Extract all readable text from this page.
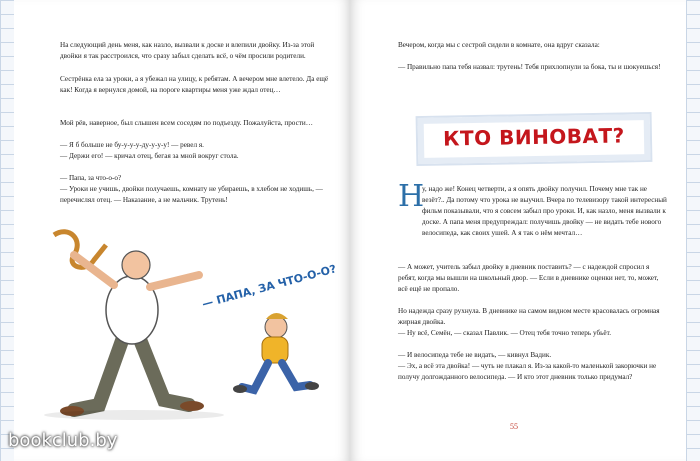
На следующий день меня, как назло, вызвали к доске и влепили двойку. Из-за этой двойки я так расстроился, что сразу забыл сделать всё, о чём просили родители.

Сестрёнка ела за уроки, а я убежал на улицу, к ребятам. А вечером мне влетело. Да ещё как! Когда я вернулся домой, на пороге квартиры меня уже ждал отец…

Мой рёв, наверное, был слышен всем соседям по подъезду. Пожалуйста, прости…

— Я б больше не бу-у-у-у-ду-у-у-у! — ревел я.

— Держи его! — кричал отец, бегая за мной вокруг стола.

— Папа, за что-о-о?

— Уроки не учишь, двойки получаешь, комнату не убираешь, в хлебом не ходишь, — перечислял отец. — Наказание, а не мальчик. Трутень!

— ПАПА, ЗА ЧТО-О-О?

Вечером, когда мы с сестрой сидели в комнате, она вдруг сказала:

— Правильно папа тебя назвал: трутень! Тебя прихлопнули за бока, ты и шокуешься!

КТО ВИНОВАТ?
Н

у, надо же! Конец четверти, а я опять двойку получил. Почему мне так не везёт?.. Да потому что урока не выучил. Вчера по телевизору такой интересный фильм показывали, что я совсем забыл про уроки. И, как назло, меня вызвали к доске. А папа меня предупреждал: получишь двойку — не видать тебе нового велосипеда, как своих ушей. А я так о нём мечтал…

— А может, учитель забыл двойку в дневник поставить? — с надеждой спросил я ребят, когда мы вышли на школьный двор. — Если в дневнике оценки нет, то, может, всё ещё не пропало.

Но надежда сразу рухнула. В дневнике на самом видном месте красовалась огромная жирная двойка.

— Ну всё, Семён, — сказал Павлик. — Отец тебя точно теперь убьёт.

— И велосипеда тебе не видать, — кивнул Вадик.

— Эх, а всё эта двойка! — чуть не плакал я. Из-за какой-то маленькой закорючки не получу долгожданного велосипеда. — И кто этот дневник только придумал?

55
bookclub.by
